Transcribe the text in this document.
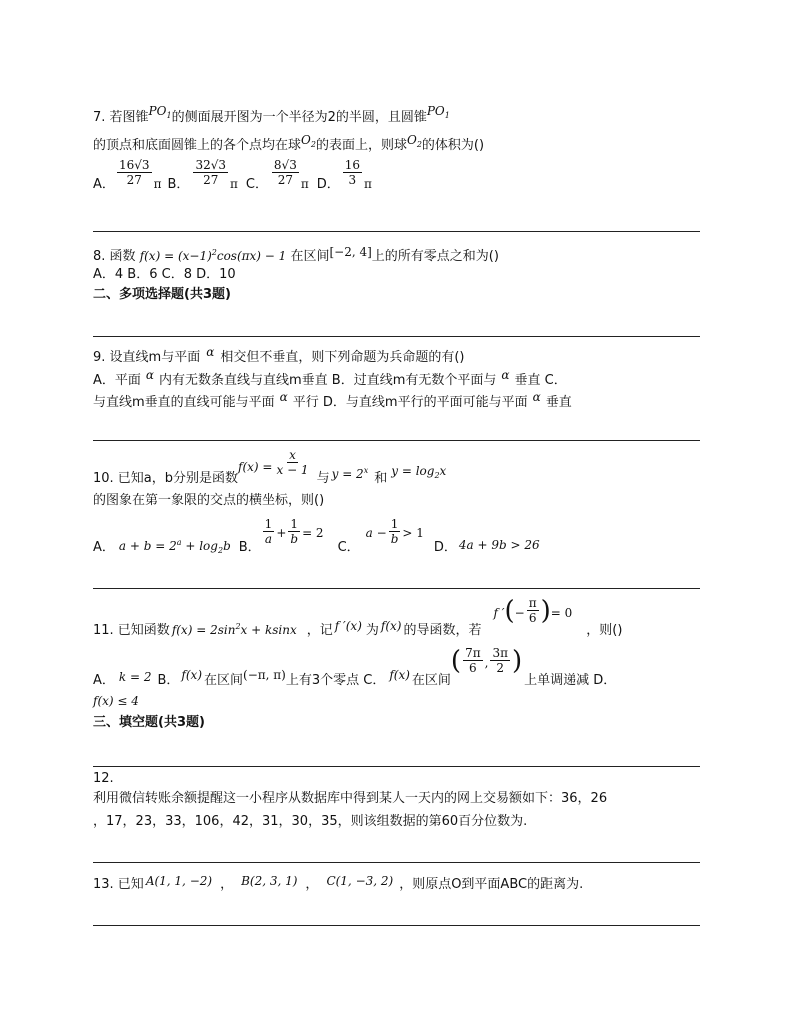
7. 若图锥$PO_1$的侧面展开图为一个半径为2的半圆，且圆锥$PO_1$
的顶点和底面圆锥上的各个点均在球$O_2$的表面上，则球$O_2$的体积为()
A． $\frac{16√3}{27}$ π B． $\frac{32√3}{27}$ π C． $\frac{8√3}{27}$ π D． $\frac{16}{3}$ π
8. 函数 $f(x) = (x-1)^2\cos(\pi x) - 1$ 在区间[−2, 4]上的所有零点之和为()
A．4 B．6 C．8 D．10
二、多项选择题(共3题)
9. 设直线m与平面 α 相交但不垂直，则下列命题为兵命题的有()
A．平面 α 内有无数条直线与直线m垂直 B．过直线m有无数个平面与 α 垂直 C．
与直线m垂直的直线可能与平面 α 平行 D．与直线m平行的平面可能与平面 α 垂直
10. 已知a，b分别是函数$f(x) = \frac{x}{x - 1}$
与 $y = 2^x$和 $y = \log_2x$
的图象在第一象限的交点的横坐标，则()
A． $a + b = 2^a + \log_2b$ B．
$\frac{1}{a} + \frac{1}{b} = 2C$．$a - \frac{1}{b} > 1D$． 4a + 9b > 26
11. 已知函数 $f(x) = 2\sin^2x + ksinx$ ，记 f ′(x) 为 f(x) 的导函数，若f ′(− $\frac{\pi}{6}$ )= 0，则()
A． k = 2 B． f(x) 在区间(−π, π)上有3个零点 C． f(x) 在区间( $\frac{7\pi}{6}$ , $\frac{3\pi}{2}$ )上单调递减 D．
f(x) ≤ 4
三、填空题(共3题)
12.
利用微信转账余额提醒这一小程序从数据库中得到某人一天内的网上交易额如下：36，26
，17，23，33，106，42，31，30，35，则该组数据的第60百分位数为.
13. 已知 A(1, 1, −2) ， B(2, 3, 1) ， C(1, −3, 2) ，则原点O到平面ABC的距离为.
